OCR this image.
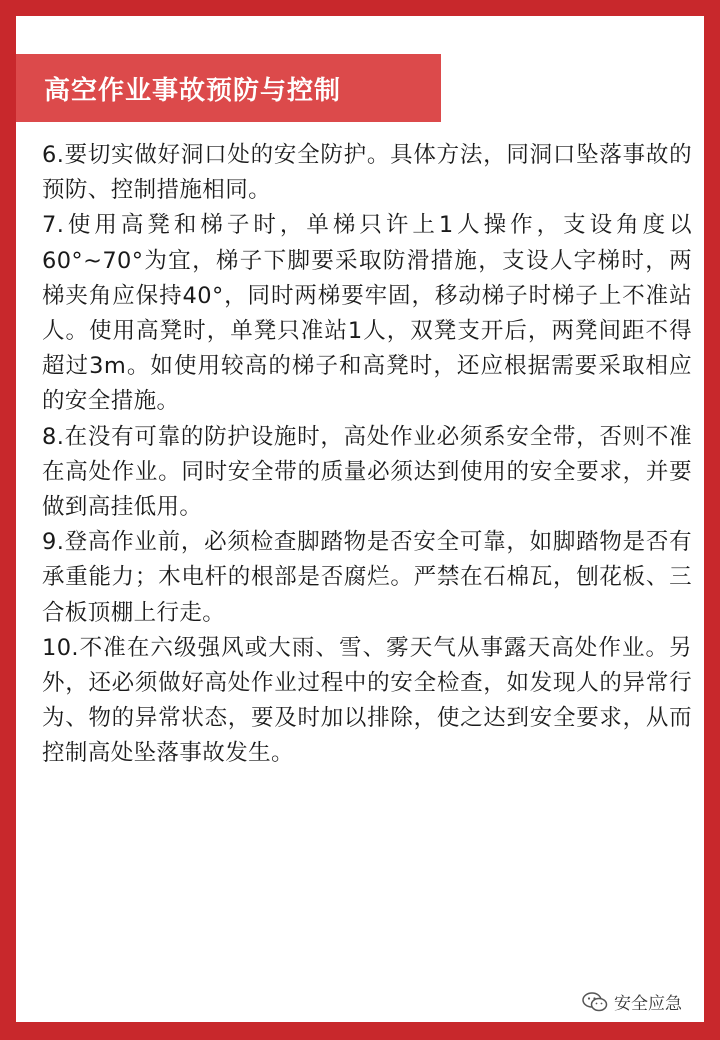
高空作业事故预防与控制

6.要切实做好洞口处的安全防护。具体方法，同洞口坠落事故的预防、控制措施相同。

7.使用高凳和梯子时，单梯只许上1人操作，支设角度以60°~70°为宜，梯子下脚要采取防滑措施，支设人字梯时，两梯夹角应保持40°，同时两梯要牢固，移动梯子时梯子上不准站人。使用高凳时，单凳只准站1人，双凳支开后，两凳间距不得超过3m。如使用较高的梯子和高凳时，还应根据需要采取相应的安全措施。

8.在没有可靠的防护设施时，高处作业必须系安全带，否则不准在高处作业。同时安全带的质量必须达到使用的安全要求，并要做到高挂低用。

9.登高作业前，必须检查脚踏物是否安全可靠，如脚踏物是否有承重能力；木电杆的根部是否腐烂。严禁在石棉瓦，刨花板、三合板顶棚上行走。

10.不准在六级强风或大雨、雪、雾天气从事露天高处作业。另外，还必须做好高处作业过程中的安全检查，如发现人的异常行为、物的异常状态，要及时加以排除，使之达到安全要求，从而控制高处坠落事故发生。

安全应急
